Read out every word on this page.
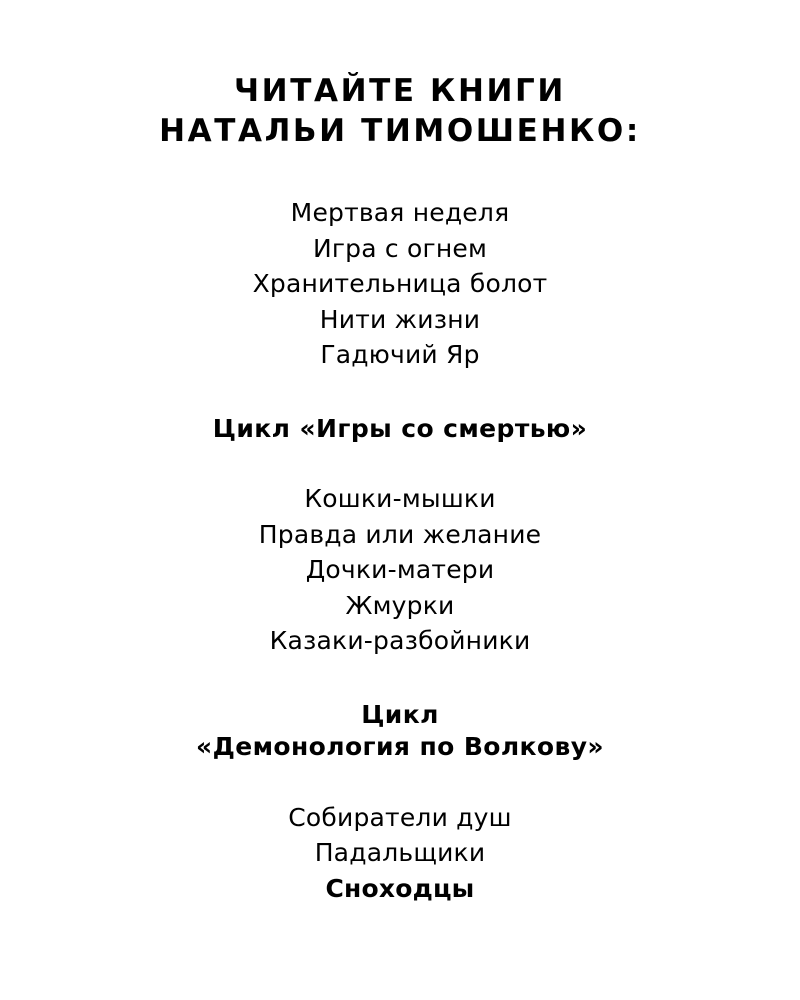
ЧИТАЙТЕ КНИГИ
НАТАЛЬИ ТИМОШЕНКО:
Мертвая неделя
Игра с огнем
Хранительница болот
Нити жизни
Гадючий Яр
Цикл «Игры со смертью»
Кошки-мышки
Правда или желание
Дочки-матери
Жмурки
Казаки-разбойники
Цикл
«Демонология по Волкову»
Собиратели душ
Падальщики
Сноходцы
